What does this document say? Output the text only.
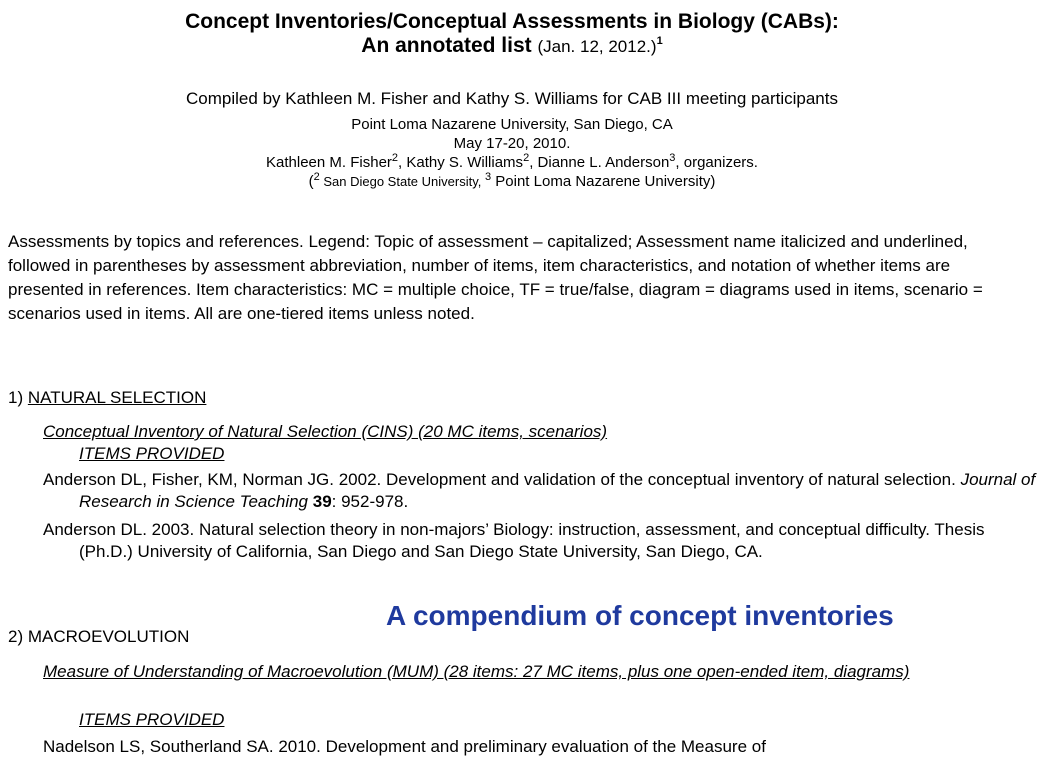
Concept Inventories/Conceptual Assessments in Biology (CABs):
An annotated list (Jan. 12, 2012.)$^1$
Compiled by Kathleen M. Fisher and Kathy S. Williams for CAB III meeting participants
Point Loma Nazarene University, San Diego, CA
May 17-20, 2010.
Kathleen M. Fisher$^2$, Kathy S. Williams$^2$, Dianne L. Anderson$^3$, organizers.
($^2$ San Diego State University, $^3$ Point Loma Nazarene University)
Assessments by topics and references. Legend: Topic of assessment – capitalized; Assessment name italicized and underlined, followed in parentheses by assessment abbreviation, number of items, item characteristics, and notation of whether items are presented in references. Item characteristics: MC = multiple choice, TF = true/false, diagram = diagrams used in items, scenario = scenarios used in items. All are one-tiered items unless noted.
1) NATURAL SELECTION
Conceptual Inventory of Natural Selection (CINS) (20 MC items, scenarios)
ITEMS PROVIDED
Anderson DL, Fisher, KM, Norman JG. 2002. Development and validation of the conceptual inventory of natural selection. Journal of Research in Science Teaching 39: 952-978.
Anderson DL. 2003. Natural selection theory in non-majors’ Biology: instruction, assessment, and conceptual difficulty. Thesis (Ph.D.) University of California, San Diego and San Diego State University, San Diego, CA.
2) MACROEVOLUTION
Measure of Understanding of Macroevolution (MUM) (28 items: 27 MC items, plus one open-ended item, diagrams)
ITEMS PROVIDED
Nadelson LS, Southerland SA. 2010. Development and preliminary evaluation of the Measure of
A compendium of concept inventories
